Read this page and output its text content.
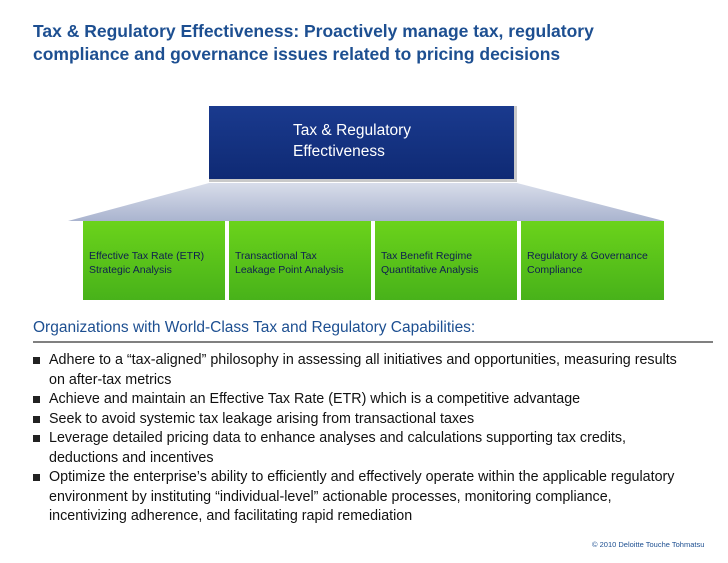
Tax & Regulatory Effectiveness: Proactively manage tax, regulatory
compliance and governance issues related to pricing decisions
Tax & Regulatory
Effectiveness
Effective Tax Rate (ETR)
Strategic Analysis
Transactional Tax
Leakage Point Analysis
Tax Benefit Regime
Quantitative Analysis
Regulatory & Governance
Compliance
Organizations with World-Class Tax and Regulatory Capabilities:
Adhere to a “tax-aligned” philosophy in assessing all initiatives and opportunities, measuring results
on after-tax metrics
Achieve and maintain an Effective Tax Rate (ETR) which is a competitive advantage
Seek to avoid systemic tax leakage arising from transactional taxes
Leverage detailed pricing data to enhance analyses and calculations supporting tax credits,
deductions and incentives
Optimize the enterprise’s ability to efficiently and effectively operate within the applicable regulatory
environment by instituting “individual-level” actionable processes, monitoring compliance,
incentivizing adherence, and facilitating rapid remediation
© 2010 Deloitte Touche Tohmatsu
